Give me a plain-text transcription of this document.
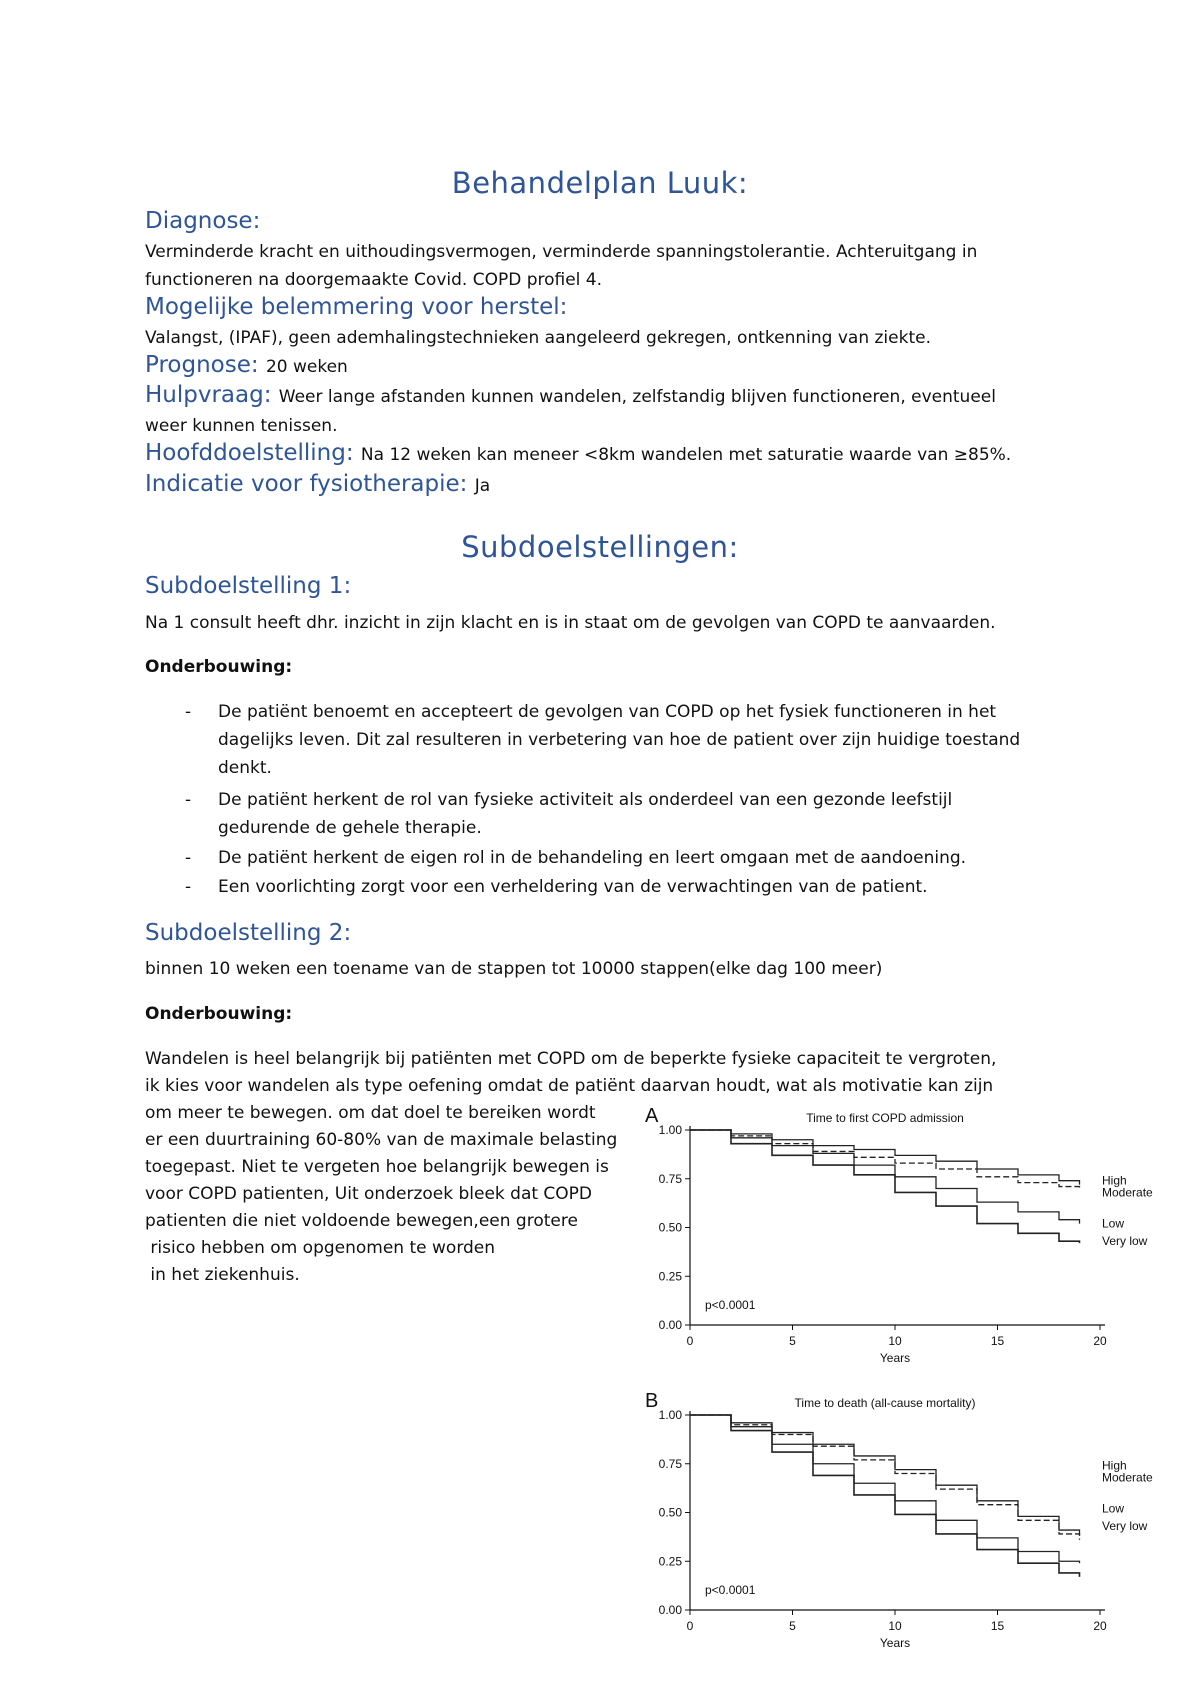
Behandelplan Luuk:
Diagnose:
Verminderde kracht en uithoudingsvermogen, verminderde spanningstolerantie. Achteruitgang in
functioneren na doorgemaakte Covid. COPD profiel 4.
Mogelijke belemmering voor herstel:
Valangst, (IPAF), geen ademhalingstechnieken aangeleerd gekregen, ontkenning van ziekte.
Prognose: 20 weken
Hulpvraag: Weer lange afstanden kunnen wandelen, zelfstandig blijven functioneren, eventueel
weer kunnen tenissen.
Hoofddoelstelling: Na 12 weken kan meneer <8km wandelen met saturatie waarde van ≥85%.
Indicatie voor fysiotherapie: Ja
Subdoelstellingen:
Subdoelstelling 1:
Na 1 consult heeft dhr. inzicht in zijn klacht en is in staat om de gevolgen van COPD te aanvaarden.
Onderbouwing:
- De patiënt benoemt en accepteert de gevolgen van COPD op het fysiek functioneren in het
dagelijks leven. Dit zal resulteren in verbetering van hoe de patient over zijn huidige toestand
denkt.
- De patiënt herkent de rol van fysieke activiteit als onderdeel van een gezonde leefstijl
gedurende de gehele therapie.
- De patiënt herkent de eigen rol in de behandeling en leert omgaan met de aandoening.
- Een voorlichting zorgt voor een verheldering van de verwachtingen van de patient.
Subdoelstelling 2:
binnen 10 weken een toename van de stappen tot 10000 stappen(elke dag 100 meer)
Onderbouwing:
Wandelen is heel belangrijk bij patiënten met COPD om de beperkte fysieke capaciteit te vergroten,
ik kies voor wandelen als type oefening omdat de patiënt daarvan houdt, wat als motivatie kan zijn
om meer te bewegen. om dat doel te bereiken wordt
er een duurtraining 60-80% van de maximale belasting
toegepast. Niet te vergeten hoe belangrijk bewegen is
voor COPD patienten, Uit onderzoek bleek dat COPD
patienten die niet voldoende bewegen,een grotere
risico hebben om opgenomen te worden
in het ziekenhuis.
A	Time to first COPD admission
0.00
0.25
0.50
0.75
1.00
0	5	10	15	20
Years
p<0.0001
High
Moderate
Low
Very low
B	Time to death (all-cause mortality)
0.00
0.25
0.50
0.75
1.00
0	5	10	15	20
Years
p<0.0001
High
Moderate
Low
Very low
